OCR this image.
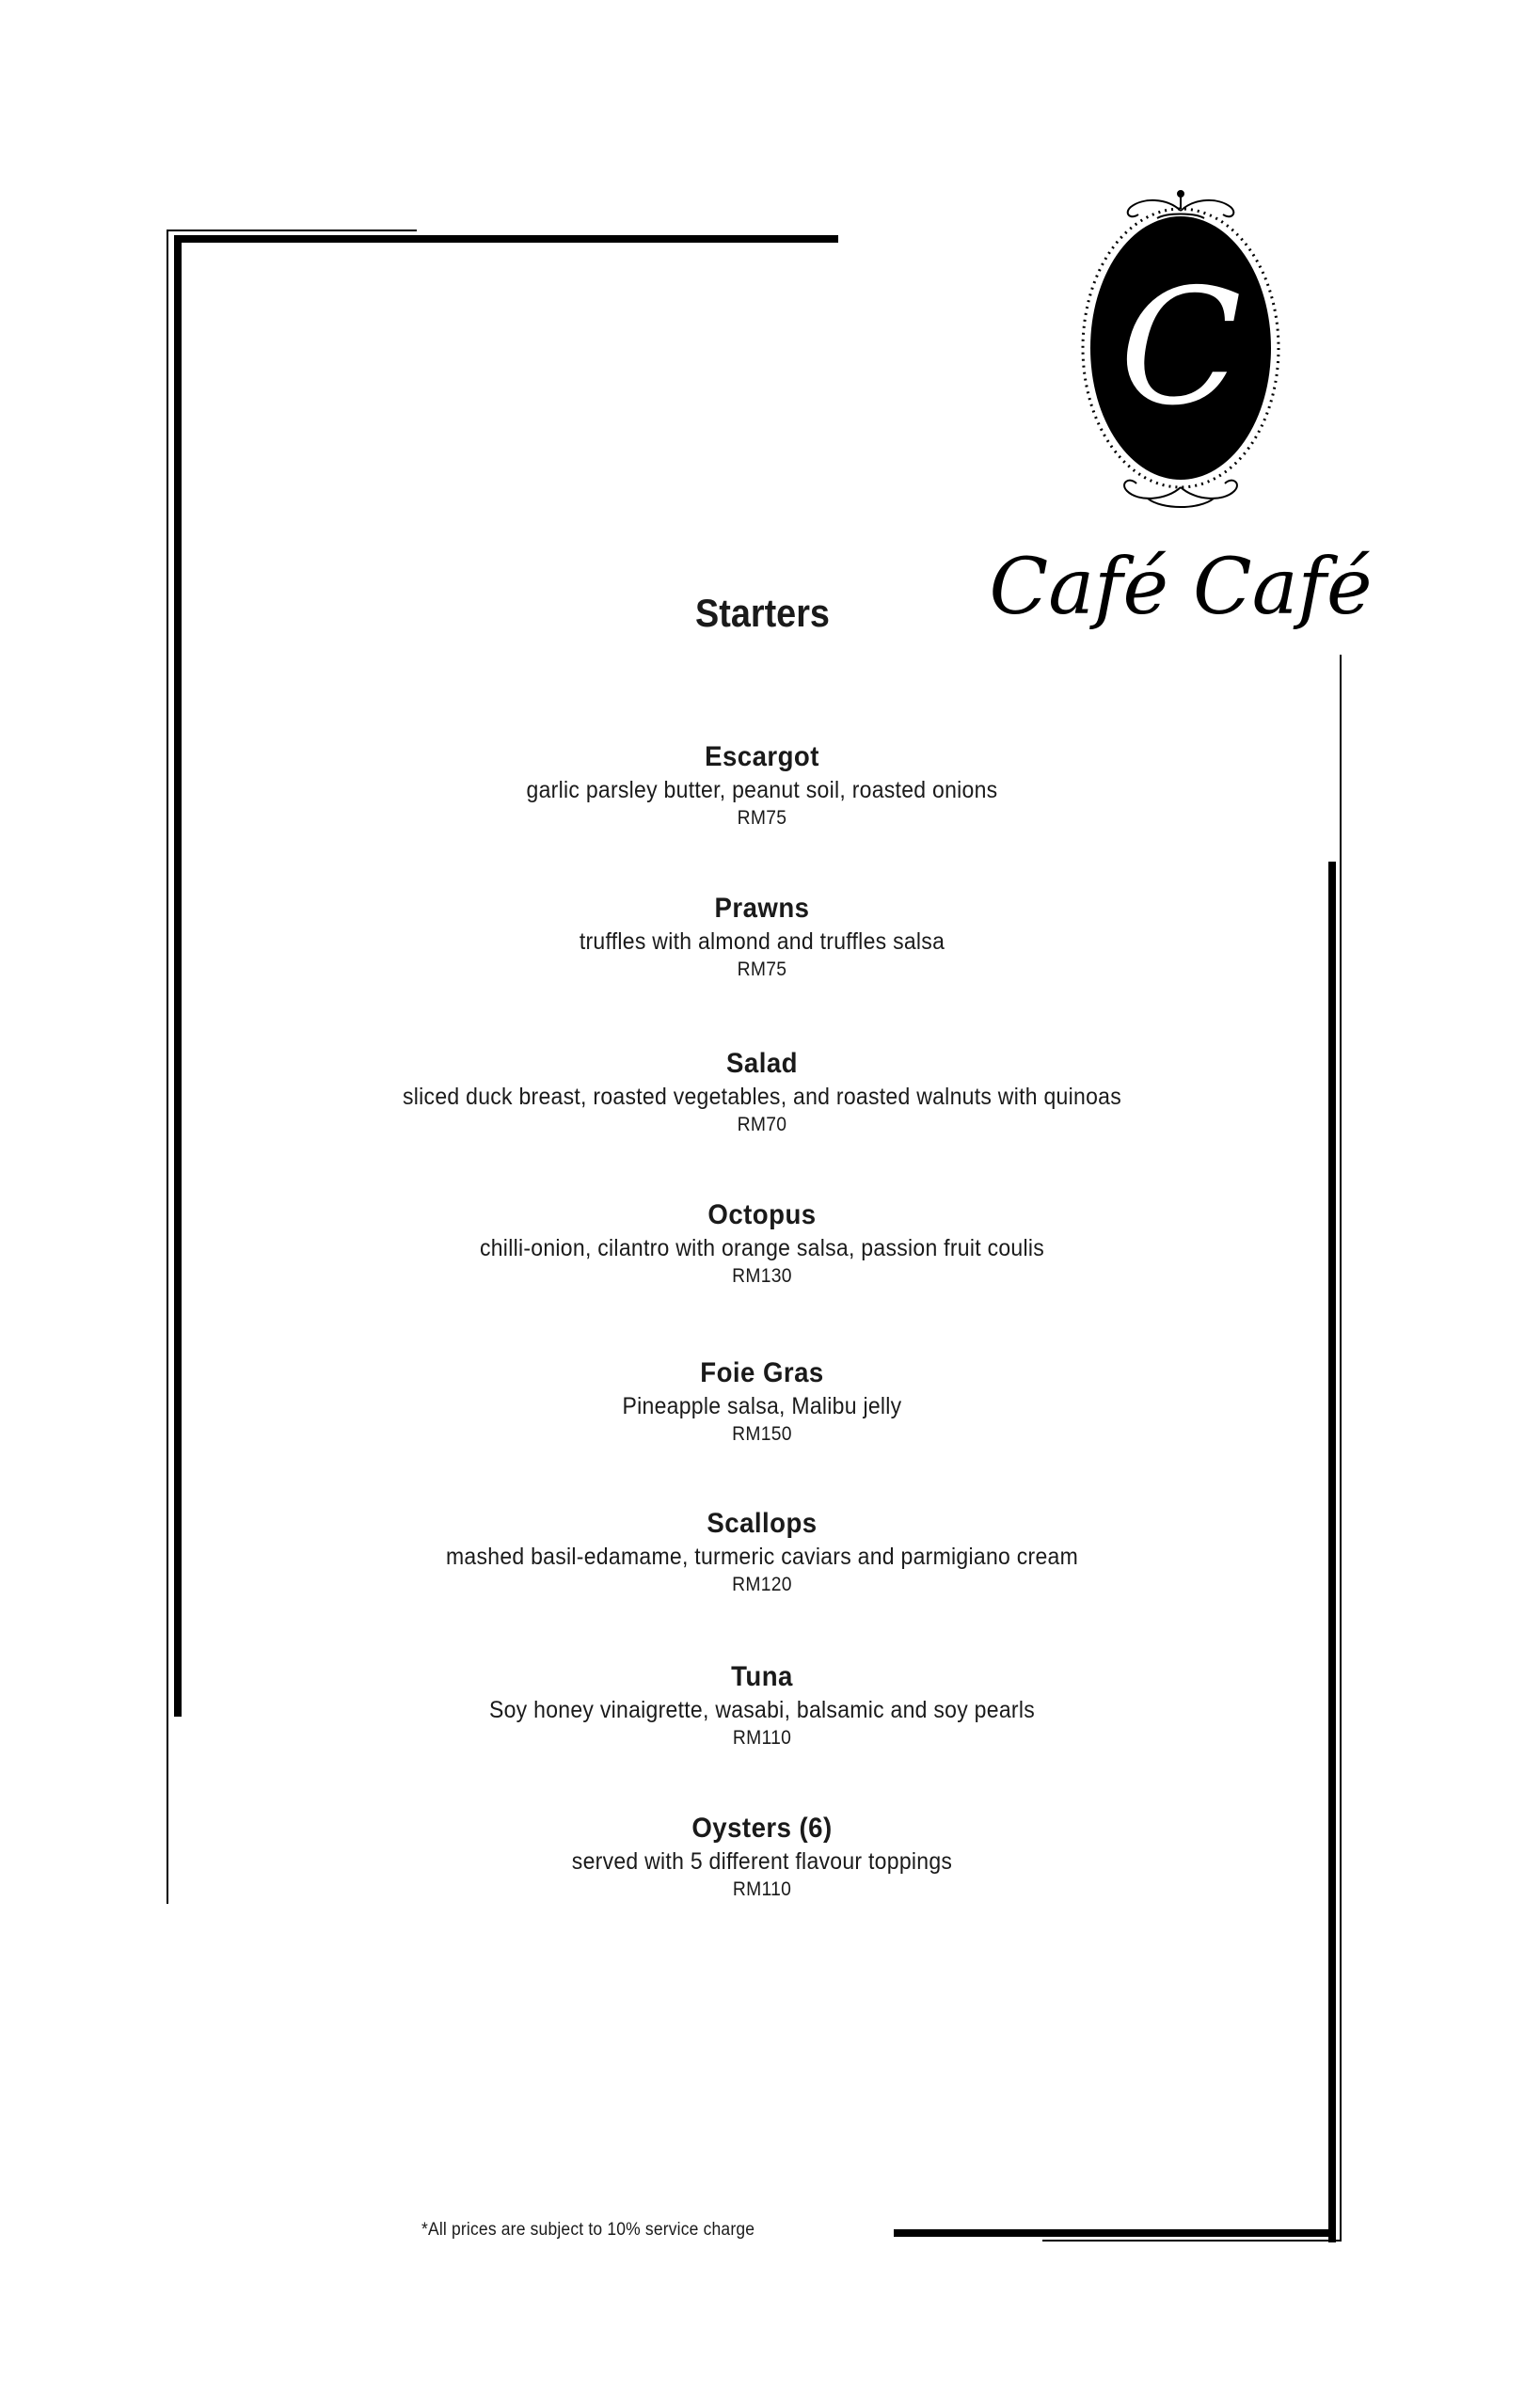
C
Café Café
Starters
Escargot
garlic parsley butter, peanut soil, roasted onions
RM75
Prawns
truffles with almond and truffles salsa
RM75
Salad
sliced duck breast, roasted vegetables, and roasted walnuts with quinoas
RM70
Octopus
chilli-onion, cilantro with orange salsa, passion fruit coulis
RM130
Foie Gras
Pineapple salsa, Malibu jelly
RM150
Scallops
mashed basil-edamame, turmeric caviars and parmigiano cream
RM120
Tuna
Soy honey vinaigrette, wasabi, balsamic and soy pearls
RM110
Oysters (6)
served with 5 different flavour toppings
RM110
*All prices are subject to 10% service charge
